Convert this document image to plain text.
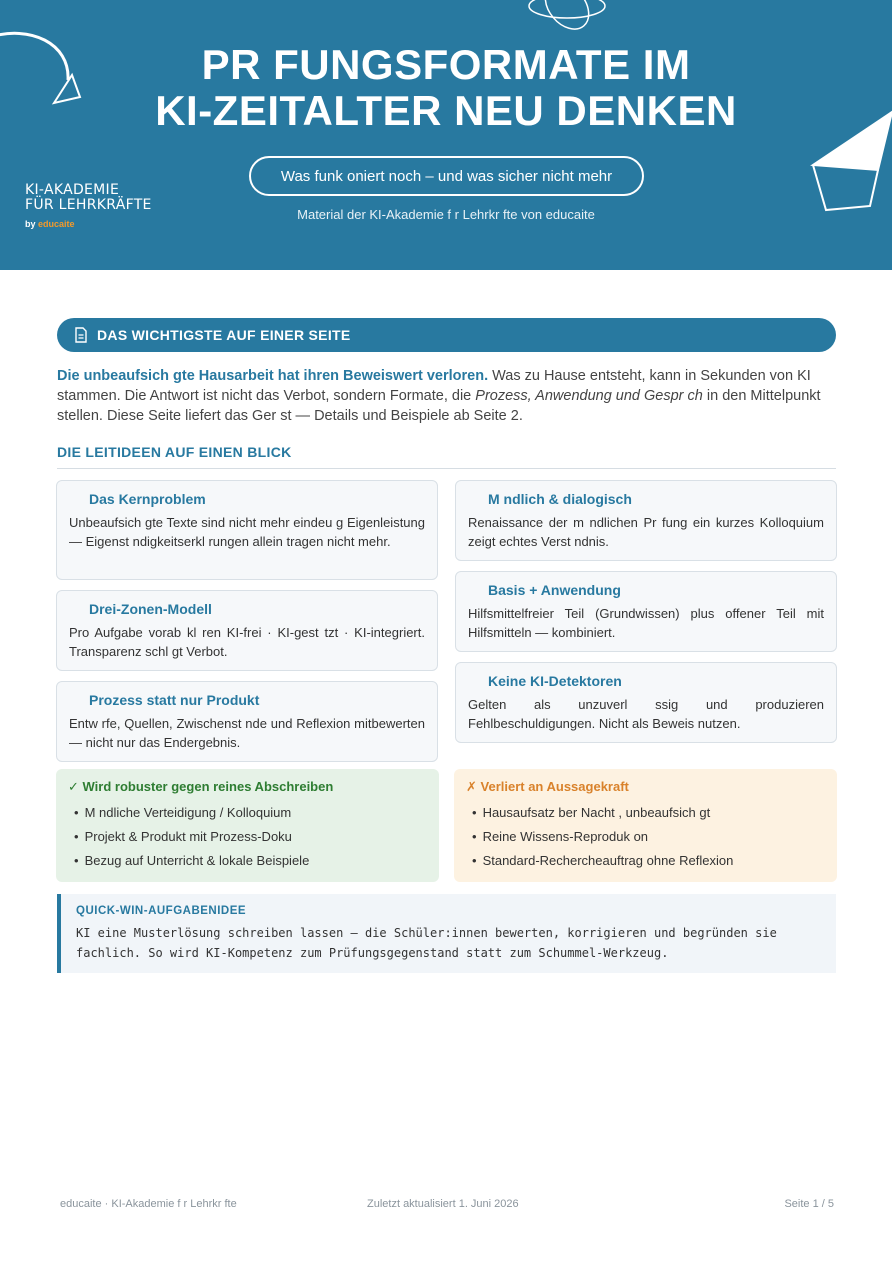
PR FUNGSFORMATE IM
KI-ZEITALTER NEU DENKEN
Was funk oniert noch – und was sicher nicht mehr
Material der KI-Akademie f r Lehrkr fte von educaite
KI-AKADEMIE
FÜR LEHRKRÄFTE
by educaite
DAS WICHTIGSTE AUF EINER SEITE
Die unbeaufsich gte Hausarbeit hat ihren Beweiswert verloren. Was zu Hause entsteht, kann in Sekunden von KI stammen. Die Antwort ist nicht das Verbot, sondern Formate, die Prozess, Anwendung und Gespr ch in den Mittelpunkt stellen. Diese Seite liefert das Ger st — Details und Beispiele ab Seite 2.
DIE LEITIDEEN AUF EINEN BLICK
Das Kernproblem
Unbeaufsich gte Texte sind nicht mehr eindeu g Eigenleistung — Eigenst ndigkeitserkl rungen allein tragen nicht mehr.
M ndlich & dialogisch
Renaissance der m ndlichen Pr fung ein kurzes Kolloquium zeigt echtes Verst ndnis.
Basis + Anwendung
Hilfsmittelfreier Teil (Grundwissen) plus offener Teil mit Hilfsmitteln — kombiniert.
Drei-Zonen-Modell
Pro Aufgabe vorab kl ren KI-frei · KI-gest tzt · KI-integriert. Transparenz schl gt Verbot.
Keine KI-Detektoren
Gelten als unzuverl ssig und produzieren Fehlbeschuldigungen. Nicht als Beweis nutzen.
Prozess statt nur Produkt
Entw rfe, Quellen, Zwischenst nde und Reflexion mitbewerten — nicht nur das Endergebnis.
✓ Wird robuster gegen reines Abschreiben
• M ndliche Verteidigung / Kolloquium
• Projekt & Produkt mit Prozess-Doku
• Bezug auf Unterricht & lokale Beispiele
✗ Verliert an Aussagekraft
• Hausaufsatz ber Nacht , unbeaufsich gt
• Reine Wissens-Reproduk on
• Standard-Rechercheauftrag ohne Reflexion
QUICK-WIN-AUFGABENIDEE
KI eine Musterlösung schreiben lassen – die Schüler:innen bewerten, korrigieren und begründen sie fachlich. So wird KI-Kompetenz zum Prüfungsgegenstand statt zum Schummel-Werkzeug.
educaite · KI-Akademie f r Lehrkr fte	Zuletzt aktualisiert 1. Juni 2026	Seite 1 / 5
